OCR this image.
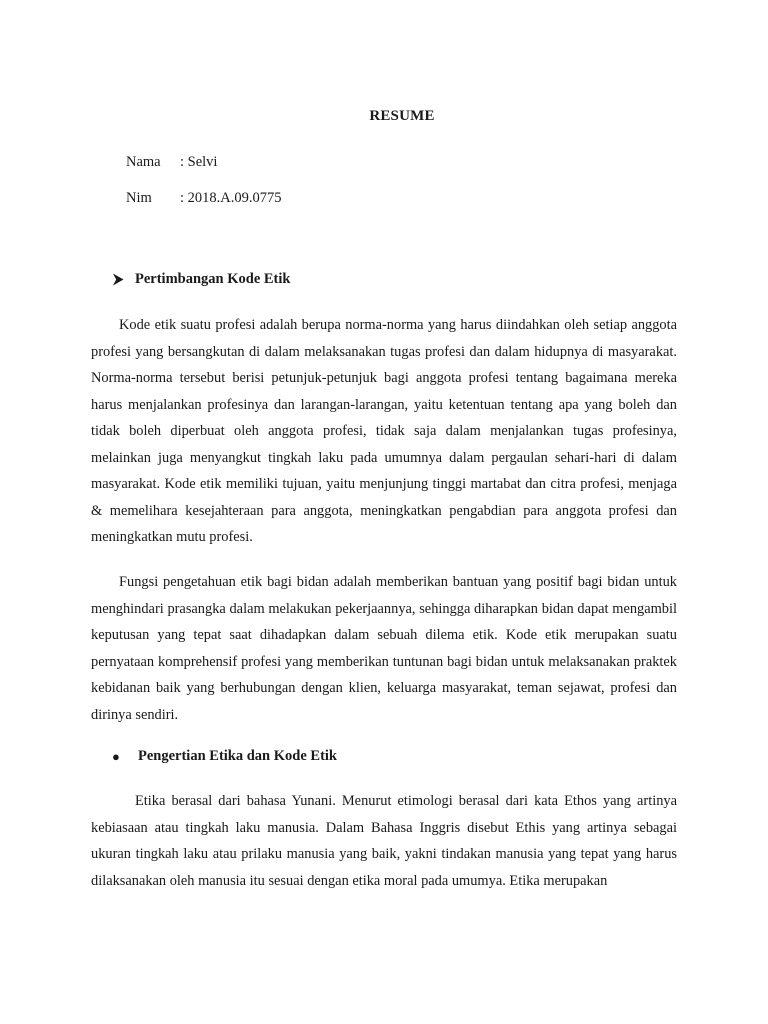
RESUME
Nama	: Selvi
Nim	: 2018.A.09.0775
Pertimbangan Kode Etik

Kode etik suatu profesi adalah berupa norma-norma yang harus diindahkan oleh setiap anggota profesi yang bersangkutan di dalam melaksanakan tugas profesi dan dalam hidupnya di masyarakat. Norma-norma tersebut berisi petunjuk-petunjuk bagi anggota profesi tentang bagaimana mereka harus menjalankan profesinya dan larangan-larangan, yaitu ketentuan tentang apa yang boleh dan tidak boleh diperbuat oleh anggota profesi, tidak saja dalam menjalankan tugas profesinya, melainkan juga menyangkut tingkah laku pada umumnya dalam pergaulan sehari-hari di dalam masyarakat. Kode etik memiliki tujuan, yaitu menjunjung tinggi martabat dan citra profesi, menjaga & memelihara kesejahteraan para anggota, meningkatkan pengabdian para anggota profesi dan meningkatkan mutu profesi.

Fungsi pengetahuan etik bagi bidan adalah memberikan bantuan yang positif bagi bidan untuk menghindari prasangka dalam melakukan pekerjaannya, sehingga diharapkan bidan dapat mengambil keputusan yang tepat saat dihadapkan dalam sebuah dilema etik. Kode etik merupakan suatu pernyataan komprehensif profesi yang memberikan tuntunan bagi bidan untuk melaksanakan praktek kebidanan baik yang berhubungan dengan klien, keluarga masyarakat, teman sejawat, profesi dan dirinya sendiri.

●	Pengertian Etika dan Kode Etik

Etika berasal dari bahasa Yunani. Menurut etimologi berasal dari kata Ethos yang artinya kebiasaan atau tingkah laku manusia. Dalam Bahasa Inggris disebut Ethis yang artinya sebagai ukuran tingkah laku atau prilaku manusia yang baik, yakni tindakan manusia yang tepat yang harus dilaksanakan oleh manusia itu sesuai dengan etika moral pada umumya. Etika merupakan
